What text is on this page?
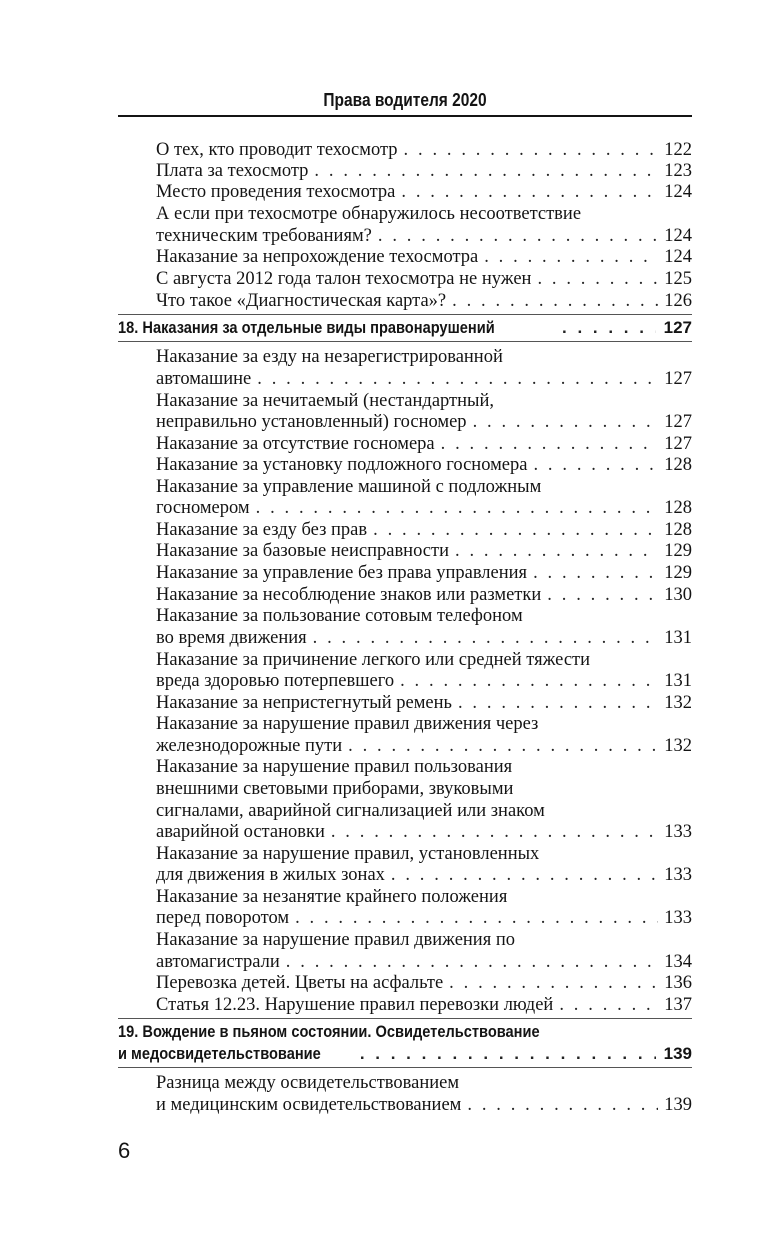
Права водителя 2020
О тех, кто проводит техосмотр . . .	122
Плата за техосмотр . . .	123
Место проведения техосмотра . . .	124
А если при техосмотре обнаружилось несоответствие
техническим требованиям? . . .	124
Наказание за непрохождение техосмотра . . .	124
С августа 2012 года талон техосмотра не нужен . . .	125
Что такое «Диагностическая карта»? . . .	126
18. Наказания за отдельные виды правонарушений . . .	127
Наказание за езду на незарегистрированной
автомашине . . .	127
Наказание за нечитаемый (нестандартный,
неправильно установленный) госномер . . .	127
Наказание за отсутствие госномера . . .	127
Наказание за установку подложного госномера . . .	128
Наказание за управление машиной с подложным
госномером . . .	128
Наказание за езду без прав . . .	128
Наказание за базовые неисправности . . .	129
Наказание за управление без права управления . . .	129
Наказание за несоблюдение знаков или разметки . . .	130
Наказание за пользование сотовым телефоном
во время движения . . .	131
Наказание за причинение легкого или средней тяжести
вреда здоровью потерпевшего . . .	131
Наказание за непристегнутый ремень . . .	132
Наказание за нарушение правил движения через
железнодорожные пути . . .	132
Наказание за нарушение правил пользования
внешними световыми приборами, звуковыми
сигналами, аварийной сигнализацией или знаком
аварийной остановки . . .	133
Наказание за нарушение правил, установленных
для движения в жилых зонах . . .	133
Наказание за незанятие крайнего положения
перед поворотом . . .	133
Наказание за нарушение правил движения по
автомагистрали . . .	134
Перевозка детей. Цветы на асфальте . . .	136
Статья 12.23. Нарушение правил перевозки людей . . .	137
19. Вождение в пьяном состоянии. Освидетельствование
и медосвидетельствование . . .	139
Разница между освидетельствованием
и медицинским освидетельствованием . . .	139
6
